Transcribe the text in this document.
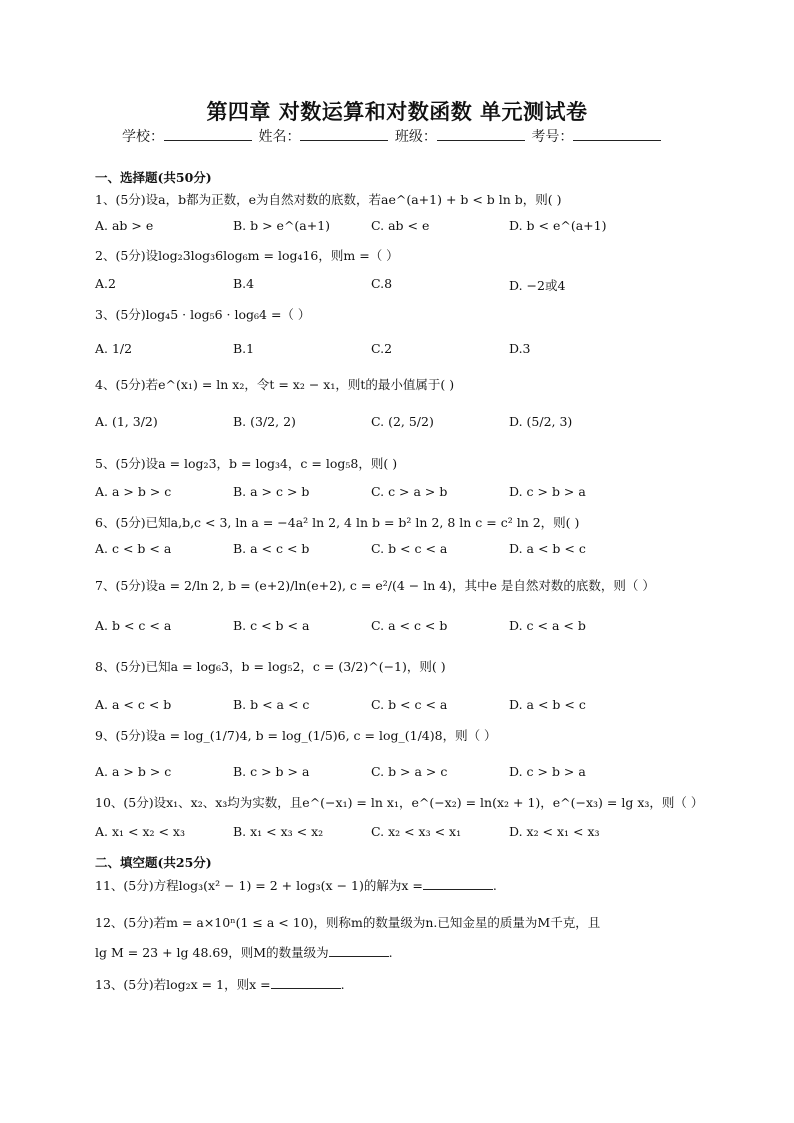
第四章 对数运算和对数函数 单元测试卷
学校：	姓名：	班级：	考号：
一、选择题(共50分)
1、(5分)设a，b都为正数，e为自然对数的底数，若ae^(a+1) + b < b ln b，则( )
A. ab > e	B. b > e^(a+1)	C. ab < e	D. b < e^(a+1)
2、(5分)设log₂3log₃6log₆m = log₄16，则m =（ ）
A.2	B.4	C.8	D. −2或4
3、(5分)log₄5 · log₅6 · log₆4 =（ ）
A. 1/2	B.1	C.2	D.3
4、(5分)若e^(x₁) = ln x₂，令t = x₂ − x₁，则t的最小值属于( )
A. (1, 3/2)	B. (3/2, 2)	C. (2, 5/2)	D. (5/2, 3)
5、(5分)设a = log₂3，b = log₃4，c = log₅8，则( )
A. a > b > c	B. a > c > b	C. c > a > b	D. c > b > a
6、(5分)已知a,b,c < 3, ln a = −4a² ln 2, 4 ln b = b² ln 2, 8 ln c = c² ln 2，则( )
A. c < b < a	B. a < c < b	C. b < c < a	D. a < b < c
7、(5分)设a = 2/ln 2, b = (e+2)/ln(e+2), c = e²/(4 − ln 4)，其中e 是自然对数的底数，则（ ）
A. b < c < a	B. c < b < a	C. a < c < b	D. c < a < b
8、(5分)已知a = log₆3，b = log₅2，c = (3/2)^(−1)，则( )
A. a < c < b	B. b < a < c	C. b < c < a	D. a < b < c
9、(5分)设a = log_(1/7)4, b = log_(1/5)6, c = log_(1/4)8，则（ ）
A. a > b > c	B. c > b > a	C. b > a > c	D. c > b > a
10、(5分)设x₁、x₂、x₃均为实数，且e^(−x₁) = ln x₁，e^(−x₂) = ln(x₂ + 1)，e^(−x₃) = lg x₃，则（ ）
A. x₁ < x₂ < x₃	B. x₁ < x₃ < x₂	C. x₂ < x₃ < x₁	D. x₂ < x₁ < x₃
二、填空题(共25分)
11、(5分)方程log₃(x² − 1) = 2 + log₃(x − 1)的解为x =	.
12、(5分)若m = a×10ⁿ(1 ≤ a < 10)，则称m的数量级为n.已知金星的质量为M千克，且
lg M = 23 + lg 48.69，则M的数量级为	.
13、(5分)若log₂x = 1，则x =	.
